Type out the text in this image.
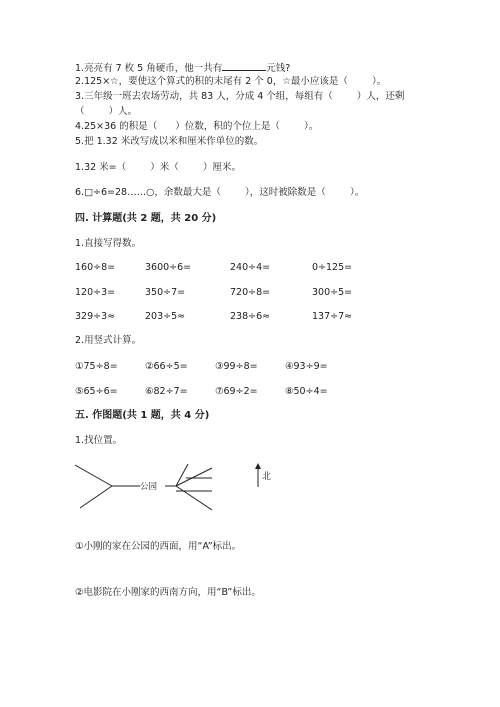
1.亮亮有 7 枚 5 角硬币，他一共有	元钱?
2.125×☆，要使这个算式的积的末尾有 2 个 0，☆最小应该是（        ）。
3.三年级一班去农场劳动，共 83 人，分成 4 个组，每组有（        ）人，还剩
（        ）人。
4.25×36 的积是（      ）位数，积的个位上是（        ）。
5.把 1.32 米改写成以米和厘米作单位的数。
1.32 米=（        ）米（        ）厘米。
6.□÷6=28……○，余数最大是（        ），这时被除数是（        ）。
四. 计算题(共 2 题，共 20 分)
1.直接写得数。
160÷8=	3600÷6=	240÷4=	0÷125=
120÷3=	350÷7=	720÷8=	300÷5=
329÷3≈	203÷5≈	238÷6≈	137÷7≈
2.用竖式计算。
①75÷8=	②66÷5=	③99÷8=	④93÷9=
⑤65÷6=	⑥82÷7=	⑦69÷2=	⑧50÷4=
五. 作图题(共 1 题，共 4 分)
1.找位置。
公园
北
①小刚的家在公园的西面，用“A”标出。
②电影院在小刚家的西南方向，用“B”标出。
